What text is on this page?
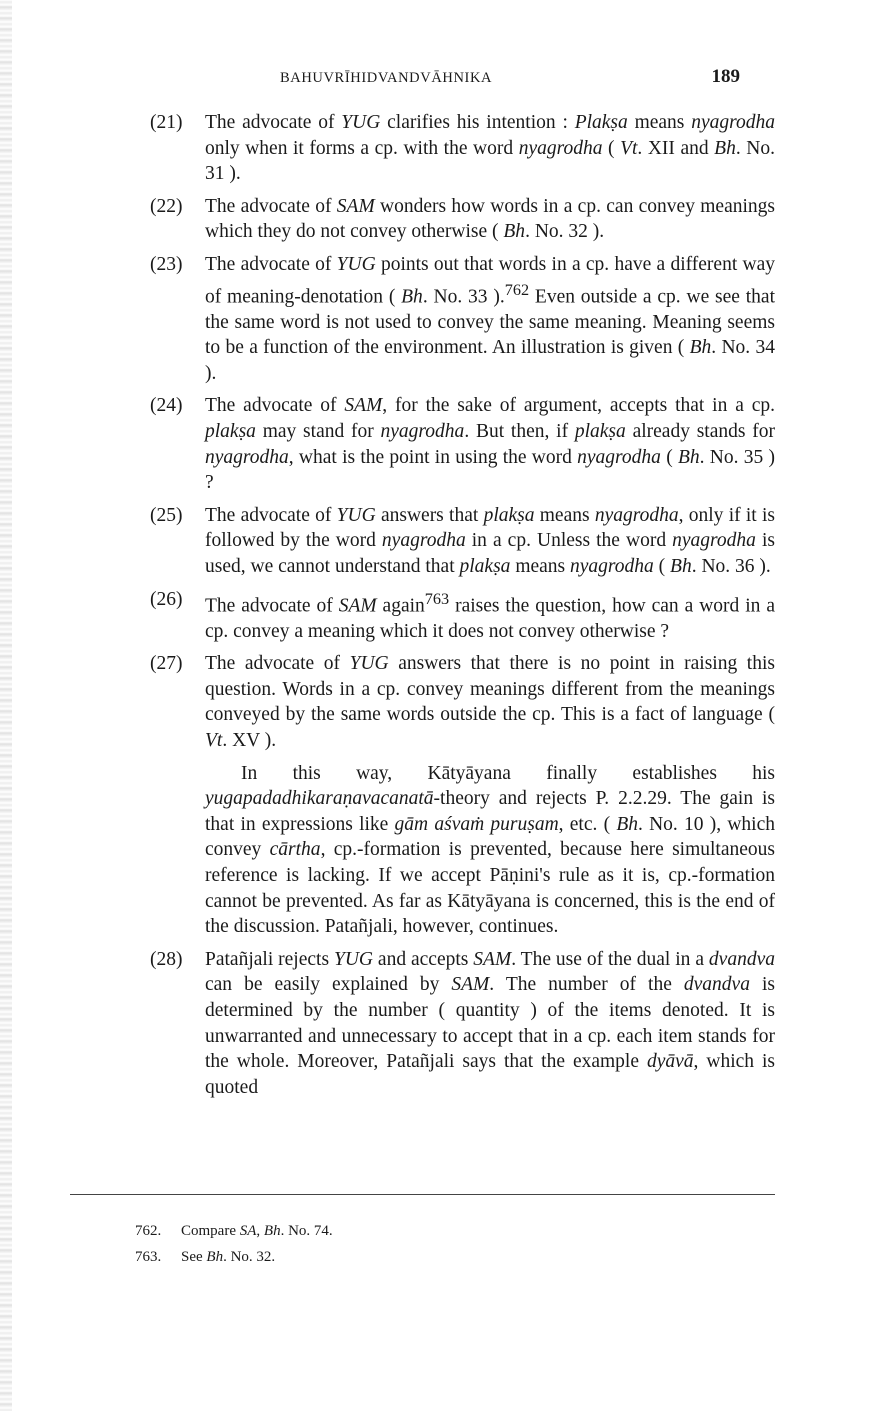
BAHUVRĪHIDVANDVĀHNIKA	189
(21)	The advocate of YUG clarifies his intention : Plakṣa means nyagrodha only when it forms a cp. with the word nyagrodha ( Vt. XII and Bh. No. 31 ).
(22)	The advocate of SAM wonders how words in a cp. can convey meanings which they do not convey otherwise ( Bh. No. 32 ).
(23)	The advocate of YUG points out that words in a cp. have a different way of meaning-denotation ( Bh. No. 33 ).$^{762}$ Even outside a cp. we see that the same word is not used to convey the same meaning. Meaning seems to be a function of the environment. An illustration is given ( Bh. No. 34 ).
(24)	The advocate of SAM, for the sake of argument, accepts that in a cp. plakṣa may stand for nyagrodha. But then, if plakṣa already stands for nyagrodha, what is the point in using the word nyagrodha ( Bh. No. 35 ) ?
(25)	The advocate of YUG answers that plakṣa means nyagrodha, only if it is followed by the word nyagrodha in a cp. Unless the word nyagrodha is used, we cannot understand that plakṣa means nyagrodha ( Bh. No. 36 ).
(26)	The advocate of SAM again$^{763}$ raises the question, how can a word in a cp. convey a meaning which it does not convey otherwise ?
(27)	The advocate of YUG answers that there is no point in raising this question. Words in a cp. convey meanings different from the meanings conveyed by the same words outside the cp. This is a fact of language ( Vt. XV ).
In this way, Kātyāyana finally establishes his yugapadadhikaraṇavacanatā-theory and rejects P. 2.2.29. The gain is that in expressions like gām aśvaṁ puruṣam, etc. ( Bh. No. 10 ), which convey cārtha, cp.-formation is prevented, because here simultaneous reference is lacking. If we accept Pāṇini's rule as it is, cp.-formation cannot be prevented. As far as Kātyāyana is concerned, this is the end of the discussion. Patañjali, however, continues.
(28)	Patañjali rejects YUG and accepts SAM. The use of the dual in a dvandva can be easily explained by SAM. The number of the dvandva is determined by the number ( quantity ) of the items denoted. It is unwarranted and unnecessary to accept that in a cp. each item stands for the whole. Moreover, Patañjali says that the example dyāvā, which is quoted
762. Compare SA, Bh. No. 74.
763. See Bh. No. 32.
